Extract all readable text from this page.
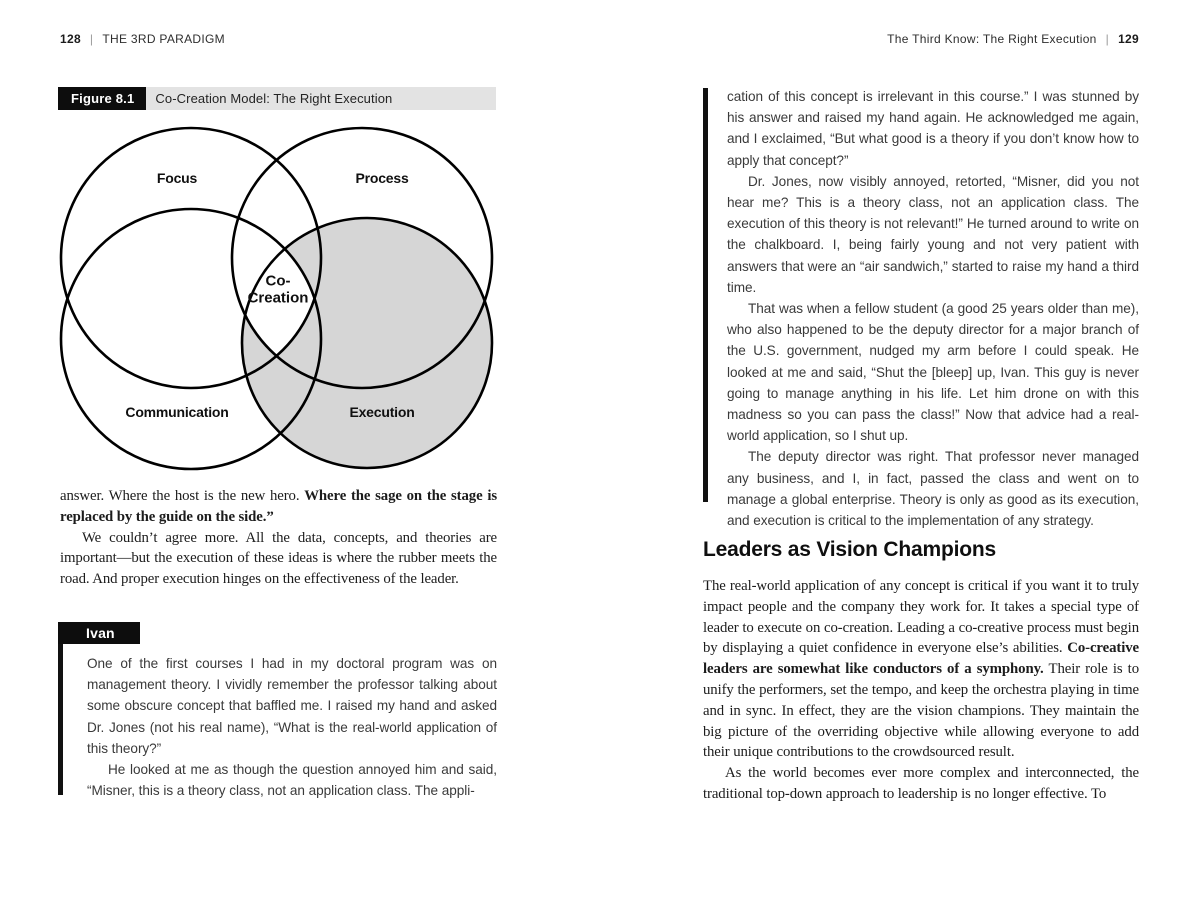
128 | THE 3RD PARADIGM
Figure 8.1	Co-Creation Model: The Right Execution
Focus	Process
Communication	Execution
Co-
Creation

answer. Where the host is the new hero. Where the sage on the stage is replaced by the guide on the side.”

We couldn’t agree more. All the data, concepts, and theories are important—but the execution of these ideas is where the rubber meets the road. And proper execution hinges on the effectiveness of the leader.

Ivan

One of the first courses I had in my doctoral program was on management theory. I vividly remember the professor talking about some obscure concept that baffled me. I raised my hand and asked Dr. Jones (not his real name), “What is the real-world application of this theory?”

He looked at me as though the question annoyed him and said, “Misner, this is a theory class, not an application class. The appli-

The Third Know: The Right Execution | 129

cation of this concept is irrelevant in this course.” I was stunned by his answer and raised my hand again. He acknowledged me again, and I exclaimed, “But what good is a theory if you don’t know how to apply that concept?”

Dr. Jones, now visibly annoyed, retorted, “Misner, did you not hear me? This is a theory class, not an application class. The execution of this theory is not relevant!” He turned around to write on the chalkboard. I, being fairly young and not very patient with answers that were an “air sandwich,” started to raise my hand a third time.

That was when a fellow student (a good 25 years older than me), who also happened to be the deputy director for a major branch of the U.S. government, nudged my arm before I could speak. He looked at me and said, “Shut the [bleep] up, Ivan. This guy is never going to manage anything in his life. Let him drone on with this madness so you can pass the class!” Now that advice had a real-world application, so I shut up.

The deputy director was right. That professor never managed any business, and I, in fact, passed the class and went on to manage a global enterprise. Theory is only as good as its execution, and execution is critical to the implementation of any strategy.

Leaders as Vision Champions

The real-world application of any concept is critical if you want it to truly impact people and the company they work for. It takes a special type of leader to execute on co-creation. Leading a co-creative process must begin by displaying a quiet confidence in everyone else’s abilities. Co-creative leaders are somewhat like conductors of a symphony. Their role is to unify the performers, set the tempo, and keep the orchestra playing in time and in sync. In effect, they are the vision champions. They maintain the big picture of the overriding objective while allowing everyone to add their unique contributions to the crowdsourced result.

As the world becomes ever more complex and interconnected, the traditional top-down approach to leadership is no longer effective. To
